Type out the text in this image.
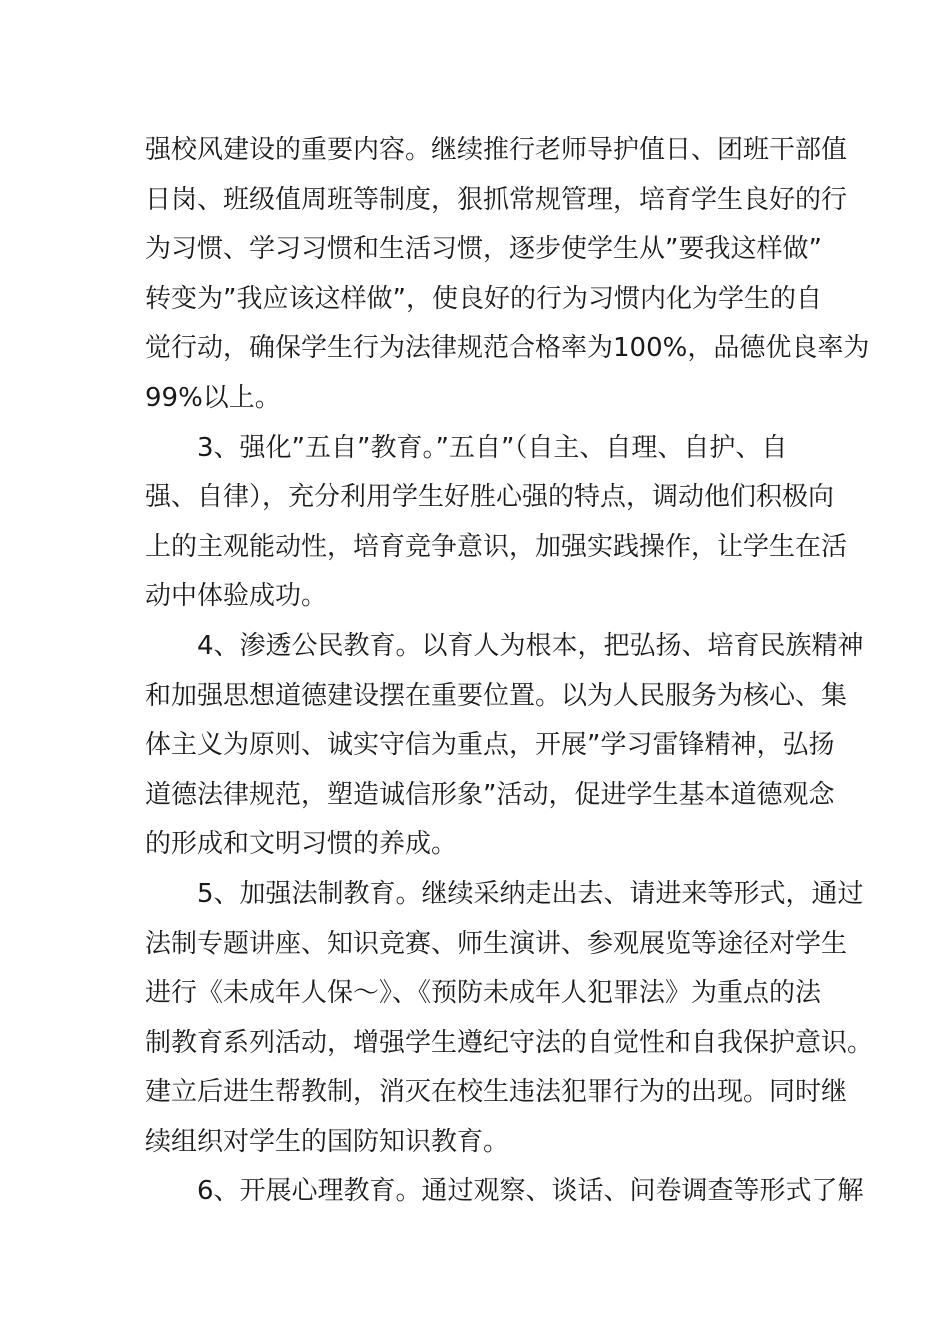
强校风建设的重要内容。继续推行老师导护值日、团班干部值
日岗、班级值周班等制度，狠抓常规管理，培育学生良好的行
为习惯、学习习惯和生活习惯，逐步使学生从”要我这样做”
转变为”我应该这样做”，使良好的行为习惯内化为学生的自
觉行动，确保学生行为法律规范合格率为100%，品德优良率为
99%以上。
3、强化”五自”教育。”五自”（自主、自理、自护、自
强、自律），充分利用学生好胜心强的特点，调动他们积极向
上的主观能动性，培育竞争意识，加强实践操作，让学生在活
动中体验成功。
4、渗透公民教育。以育人为根本，把弘扬、培育民族精神
和加强思想道德建设摆在重要位置。以为人民服务为核心、集
体主义为原则、诚实守信为重点，开展”学习雷锋精神，弘扬
道德法律规范，塑造诚信形象”活动，促进学生基本道德观念
的形成和文明习惯的养成。
5、加强法制教育。继续采纳走出去、请进来等形式，通过
法制专题讲座、知识竞赛、师生演讲、参观展览等途径对学生
进行《未成年人保～》、《预防未成年人犯罪法》为重点的法
制教育系列活动，增强学生遵纪守法的自觉性和自我保护意识。
建立后进生帮教制，消灭在校生违法犯罪行为的出现。同时继
续组织对学生的国防知识教育。
6、开展心理教育。通过观察、谈话、问卷调查等形式了解
